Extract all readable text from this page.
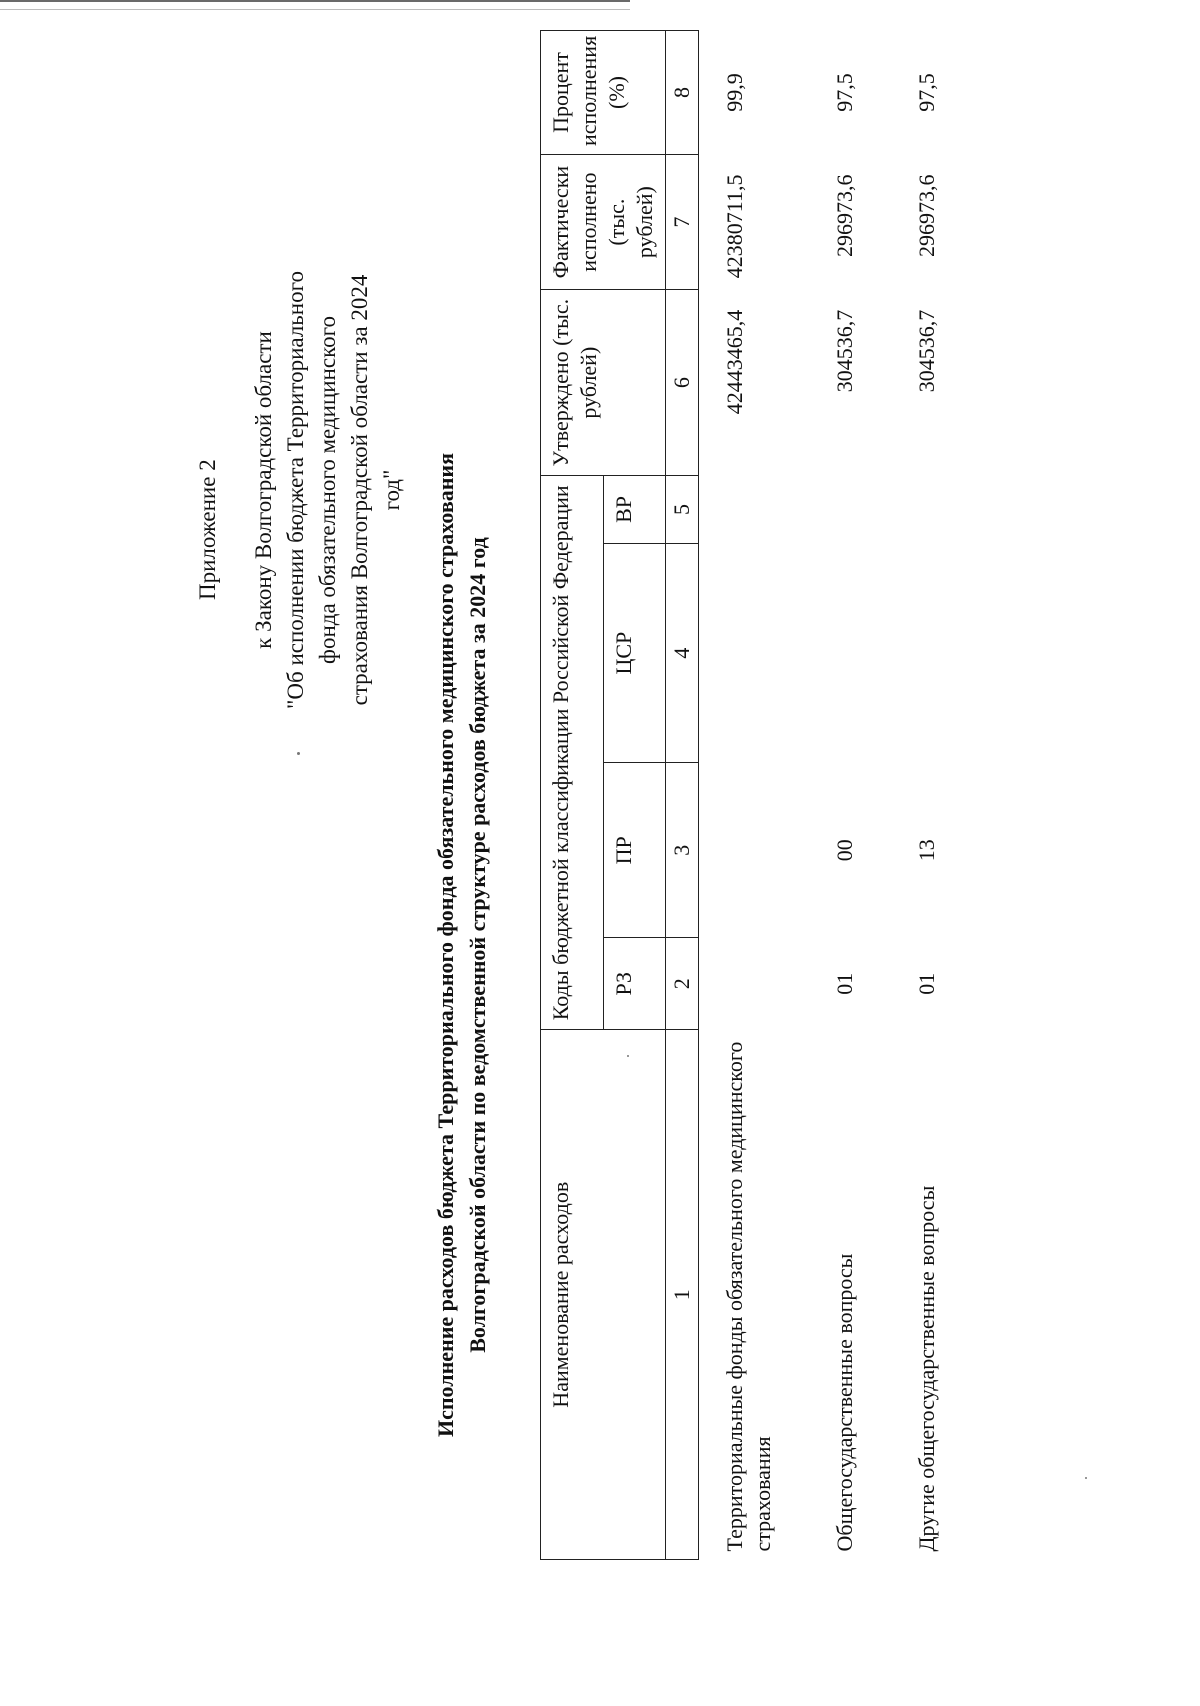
Приложение 2 к Закону Волгоградской области "Об исполнении бюджета Территориального фонда обязательного медицинского страхования Волгоградской области за 2024 год" Исполнение расходов бюджета Территориального фонда обязательного медицинского страхования Волгоградской области по ведомственной структуре расходов бюджета за 2024 год	Наименование расходов	Коды бюджетной классификации Российской Федерации				Утверждено (тыс. рублей)	Фактически исполнено (тыс. рублей)	Процент исполнения (%)
	РЗ	ПР	ЦСР	ВР			
1	2	3	4	5	6	7	8
Территориальные фонды обязательного медицинского страхования					42443465,4	42380711,5	99,9
Общегосударственные вопросы	01	00			304536,7	296973,6	97,5
Другие общегосударственные вопросы	01	13			304536,7	296973,6	97,5
